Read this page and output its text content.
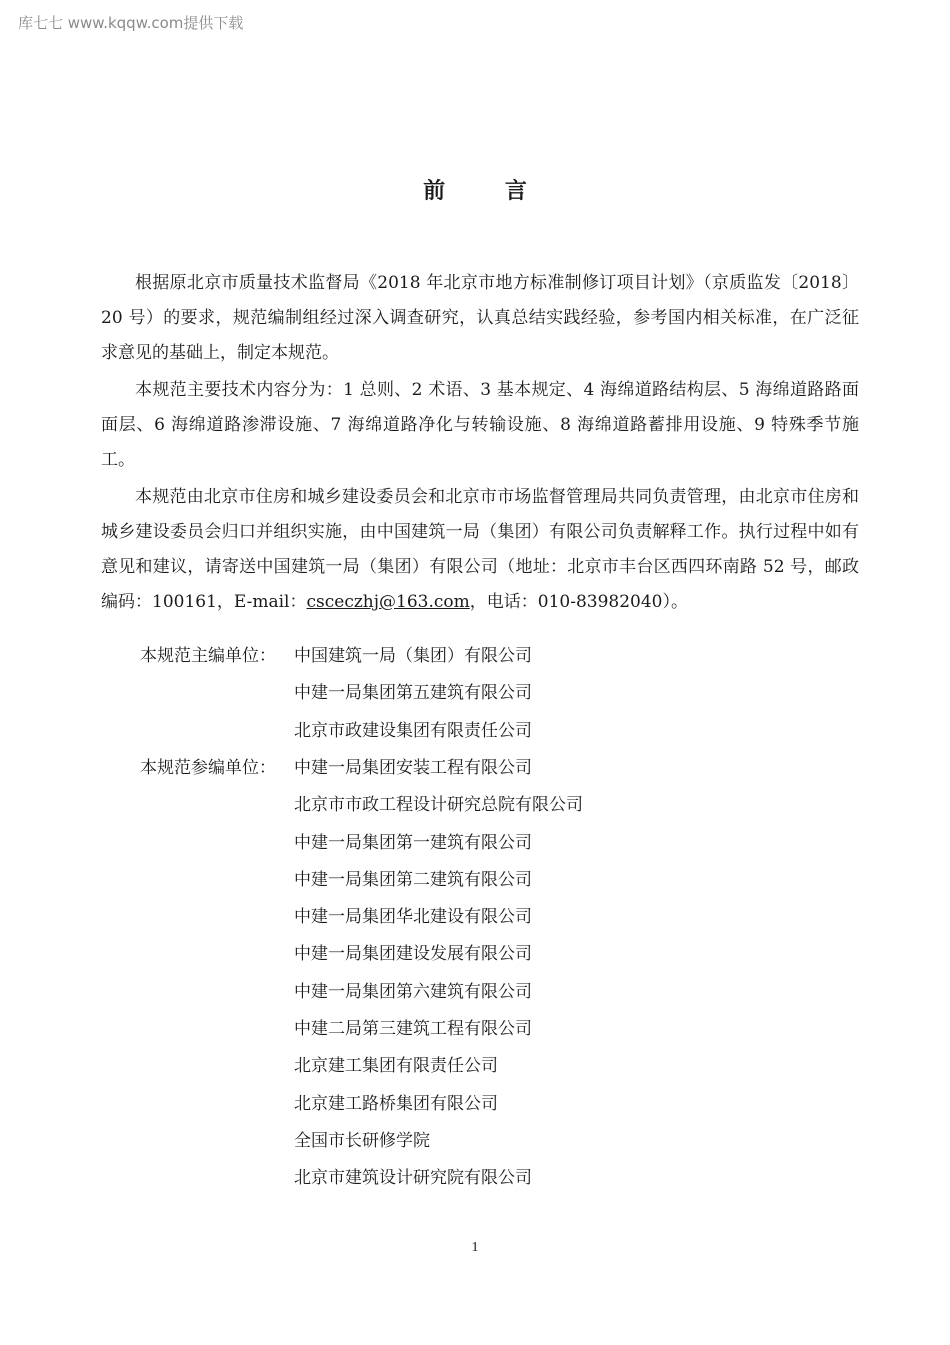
库七七 www.kqqw.com提供下载
前 言

根据原北京市质量技术监督局《2018 年北京市地方标准制修订项目计划》（京质监发〔2018〕20 号）的要求，规范编制组经过深入调查研究，认真总结实践经验，参考国内相关标准，在广泛征求意见的基础上，制定本规范。

本规范主要技术内容分为：1 总则、2 术语、3 基本规定、4 海绵道路结构层、5 海绵道路路面面层、6 海绵道路渗滞设施、7 海绵道路净化与转输设施、8 海绵道路蓄排用设施、9 特殊季节施工。

本规范由北京市住房和城乡建设委员会和北京市市场监督管理局共同负责管理，由北京市住房和城乡建设委员会归口并组织实施，由中国建筑一局（集团）有限公司负责解释工作。执行过程中如有意见和建议，请寄送中国建筑一局（集团）有限公司（地址：北京市丰台区西四环南路 52 号，邮政编码：100161，E-mail：csceczhj@163.com，电话：010-83982040）。

本规范主编单位：	中国建筑一局（集团）有限公司
中建一局集团第五建筑有限公司
北京市政建设集团有限责任公司
本规范参编单位：	中建一局集团安装工程有限公司
北京市市政工程设计研究总院有限公司
中建一局集团第一建筑有限公司
中建一局集团第二建筑有限公司
中建一局集团华北建设有限公司
中建一局集团建设发展有限公司
中建一局集团第六建筑有限公司
中建二局第三建筑工程有限公司
北京建工集团有限责任公司
北京建工路桥集团有限公司
全国市长研修学院
北京市建筑设计研究院有限公司
1
